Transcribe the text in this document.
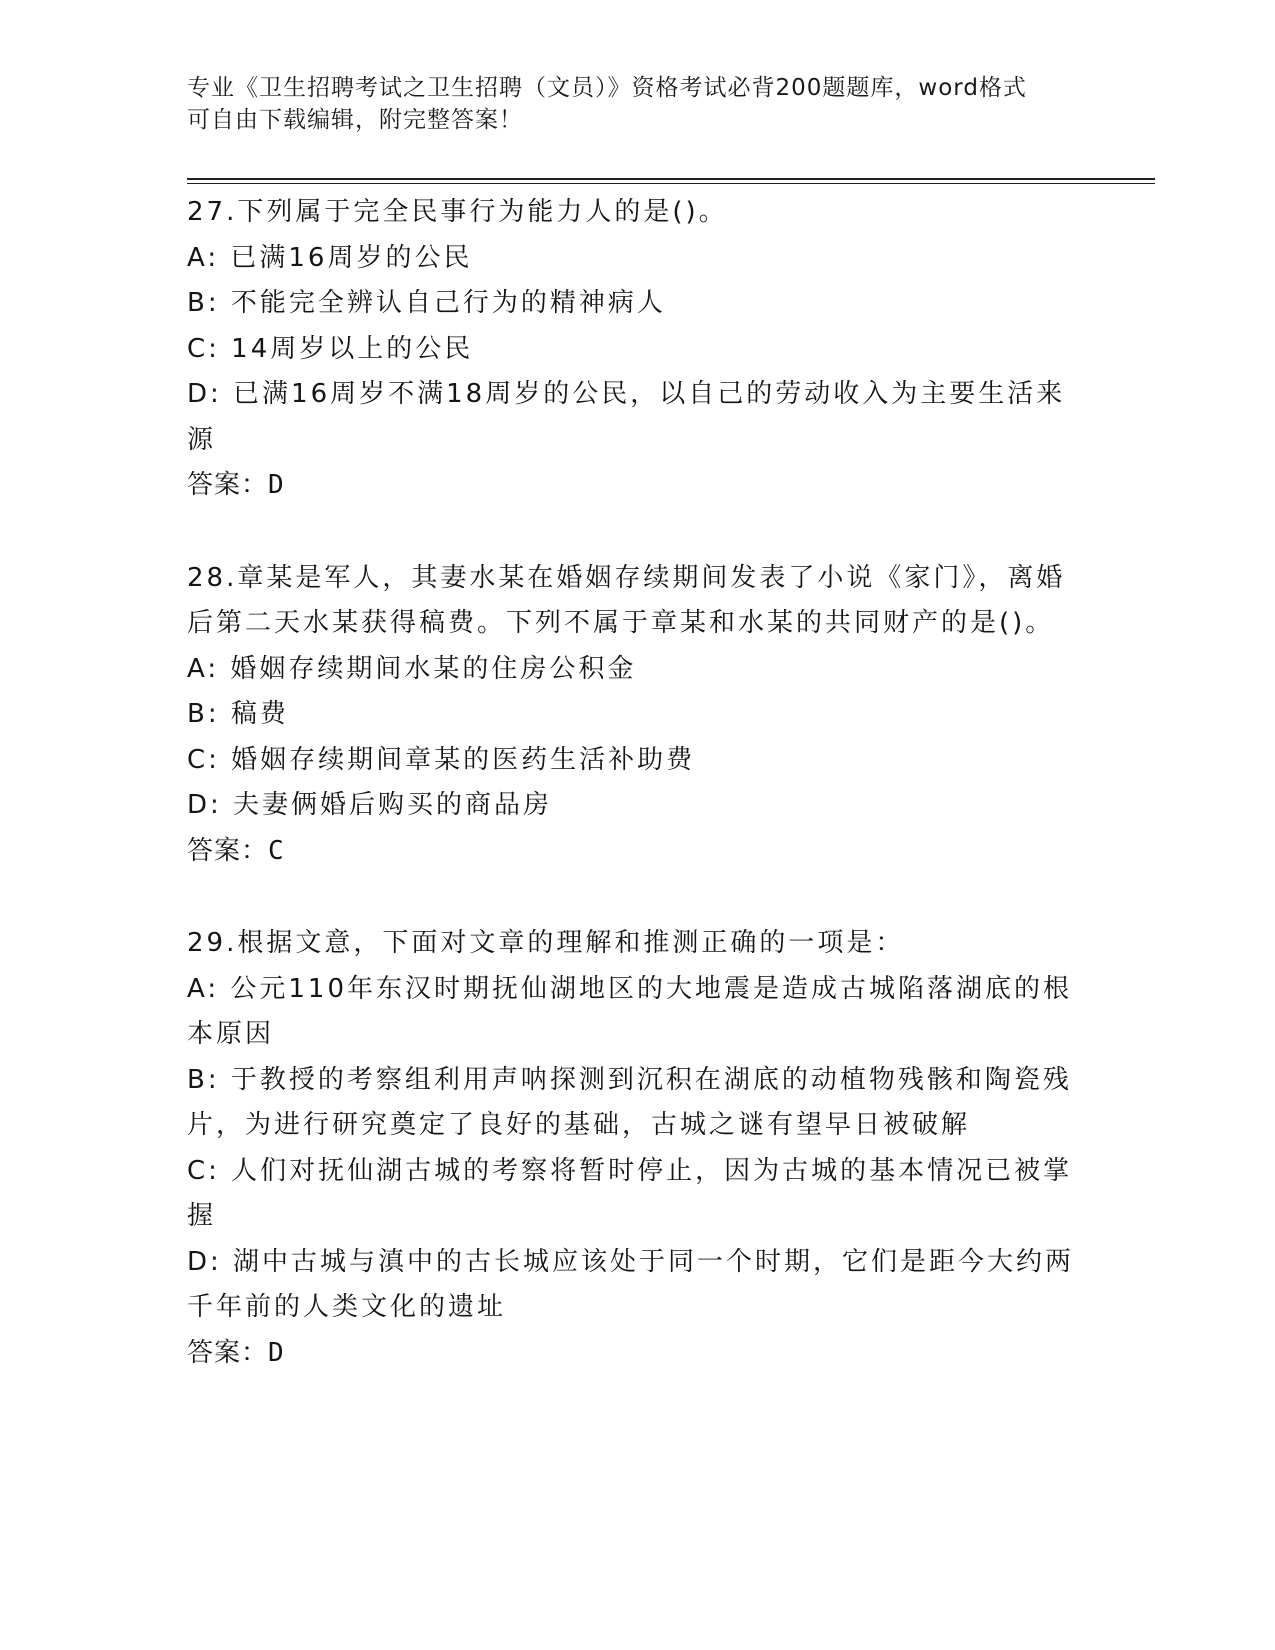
专业《卫生招聘考试之卫生招聘（文员）》资格考试必背200题题库，word格式
可自由下载编辑，附完整答案！
27.下列属于完全民事行为能力人的是()。
A: 已满16周岁的公民
B: 不能完全辨认自己行为的精神病人
C: 14周岁以上的公民
D: 已满16周岁不满18周岁的公民，以自己的劳动收入为主要生活来
源
答案：D
28.章某是军人，其妻水某在婚姻存续期间发表了小说《家门》，离婚
后第二天水某获得稿费。下列不属于章某和水某的共同财产的是()。
A: 婚姻存续期间水某的住房公积金
B: 稿费
C: 婚姻存续期间章某的医药生活补助费
D: 夫妻俩婚后购买的商品房
答案：C
29.根据文意，下面对文章的理解和推测正确的一项是：
A: 公元110年东汉时期抚仙湖地区的大地震是造成古城陷落湖底的根
本原因
B: 于教授的考察组利用声呐探测到沉积在湖底的动植物残骸和陶瓷残
片，为进行研究奠定了良好的基础，古城之谜有望早日被破解
C: 人们对抚仙湖古城的考察将暂时停止，因为古城的基本情况已被掌
握
D: 湖中古城与滇中的古长城应该处于同一个时期，它们是距今大约两
千年前的人类文化的遗址
答案：D
